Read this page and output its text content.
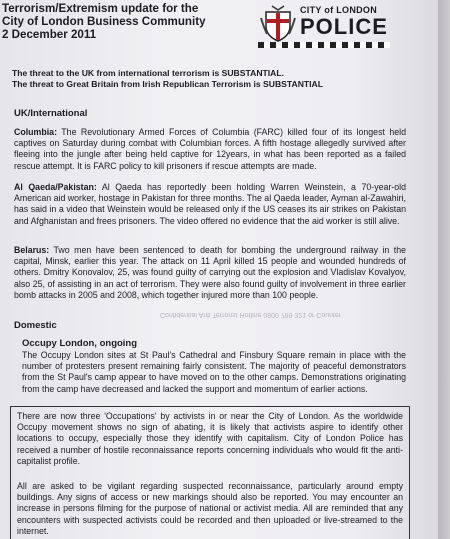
Terrorism/Extremism update for the
City of London Business Community
2 December 2011
CITY of LONDON
POLICE
The threat to the UK from international terrorism is SUBSTANTIAL.
The threat to Great Britain from Irish Republican Terrorism is SUBSTANTIAL
UK/International
Columbia: The Revolutionary Armed Forces of Columbia (FARC) killed four of its longest held captives on Saturday during combat with Columbian forces. A fifth hostage allegedly survived after fleeing into the jungle after being held captive for 12years, in what has been reported as a failed rescue attempt. It is FARC policy to kill prisoners if rescue attempts are made.
Al Qaeda/Pakistan: Al Qaeda has reportedly been holding Warren Weinstein, a 70-year-old American aid worker, hostage in Pakistan for three months. The al Qaeda leader, Ayman al-Zawahiri, has said in a video that Weinstein would be released only if the US ceases its air strikes on Pakistan and Afghanistan and frees prisoners. The video offered no evidence that the aid worker is still alive.
Belarus: Two men have been sentenced to death for bombing the underground railway in the capital, Minsk, earlier this year. The attack on 11 April killed 15 people and wounded hundreds of others. Dmitry Konovalov, 25, was found guilty of carrying out the explosion and Vladislav Kovalyov, also 25, of assisting in an act of terrorism. They were also found guilty of involvement in three earlier bomb attacks in 2005 and 2008, which together injured more than 100 people.
Confidential Anti Terrorist Hotline 0800 789 321 or Counter
Domestic
Occupy London, ongoing
The Occupy London sites at St Paul's Cathedral and Finsbury Square remain in place with the number of protesters present remaining fairly consistent. The majority of peaceful demonstrators from the St Paul's camp appear to have moved on to the other camps. Demonstrations originating from the camp have decreased and lacked the support and momentum of earlier actions.
There are now three 'Occupations' by activists in or near the City of London. As the worldwide Occupy movement shows no sign of abating, it is likely that activists aspire to identify other locations to occupy, especially those they identify with capitalism. City of London Police has received a number of hostile reconnaissance reports concerning individuals who would fit the anti-capitalist profile.
All are asked to be vigilant regarding suspected reconnaissance, particularly around empty buildings. Any signs of access or new markings should also be reported. You may encounter an increase in persons filming for the purpose of national or activist media. All are reminded that any encounters with suspected activists could be recorded and then uploaded or live-streamed to the internet.
